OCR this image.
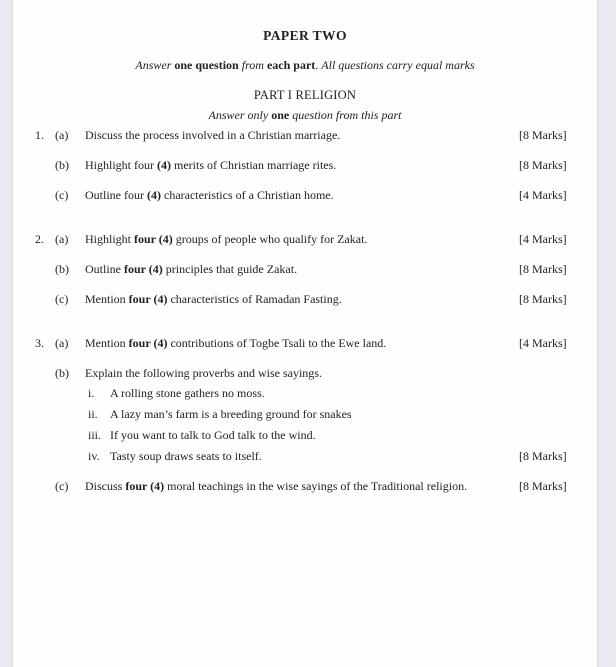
PAPER TWO
Answer one question from each part. All questions carry equal marks
PART I RELIGION
Answer only one question from this part
1. (a)	Discuss the process involved in a Christian marriage.	[8 Marks]
(b)	Highlight four (4) merits of Christian marriage rites.	[8 Marks]
(c)	Outline four (4) characteristics of a Christian home.	[4 Marks]
2. (a)	Highlight four (4) groups of people who qualify for Zakat.	[4 Marks]
(b)	Outline four (4) principles that guide Zakat.	[8 Marks]
(c)	Mention four (4) characteristics of Ramadan Fasting.	[8 Marks]
3. (a)	Mention four (4) contributions of Togbe Tsali to the Ewe land.	[4 Marks]
(b)	Explain the following proverbs and wise sayings.
i. A rolling stone gathers no moss.
ii. A lazy man’s farm is a breeding ground for snakes
iii. If you want to talk to God talk to the wind.
iv. Tasty soup draws seats to itself.	[8 Marks]
(c)	Discuss four (4) moral teachings in the wise sayings of the Traditional religion.	[8 Marks]
